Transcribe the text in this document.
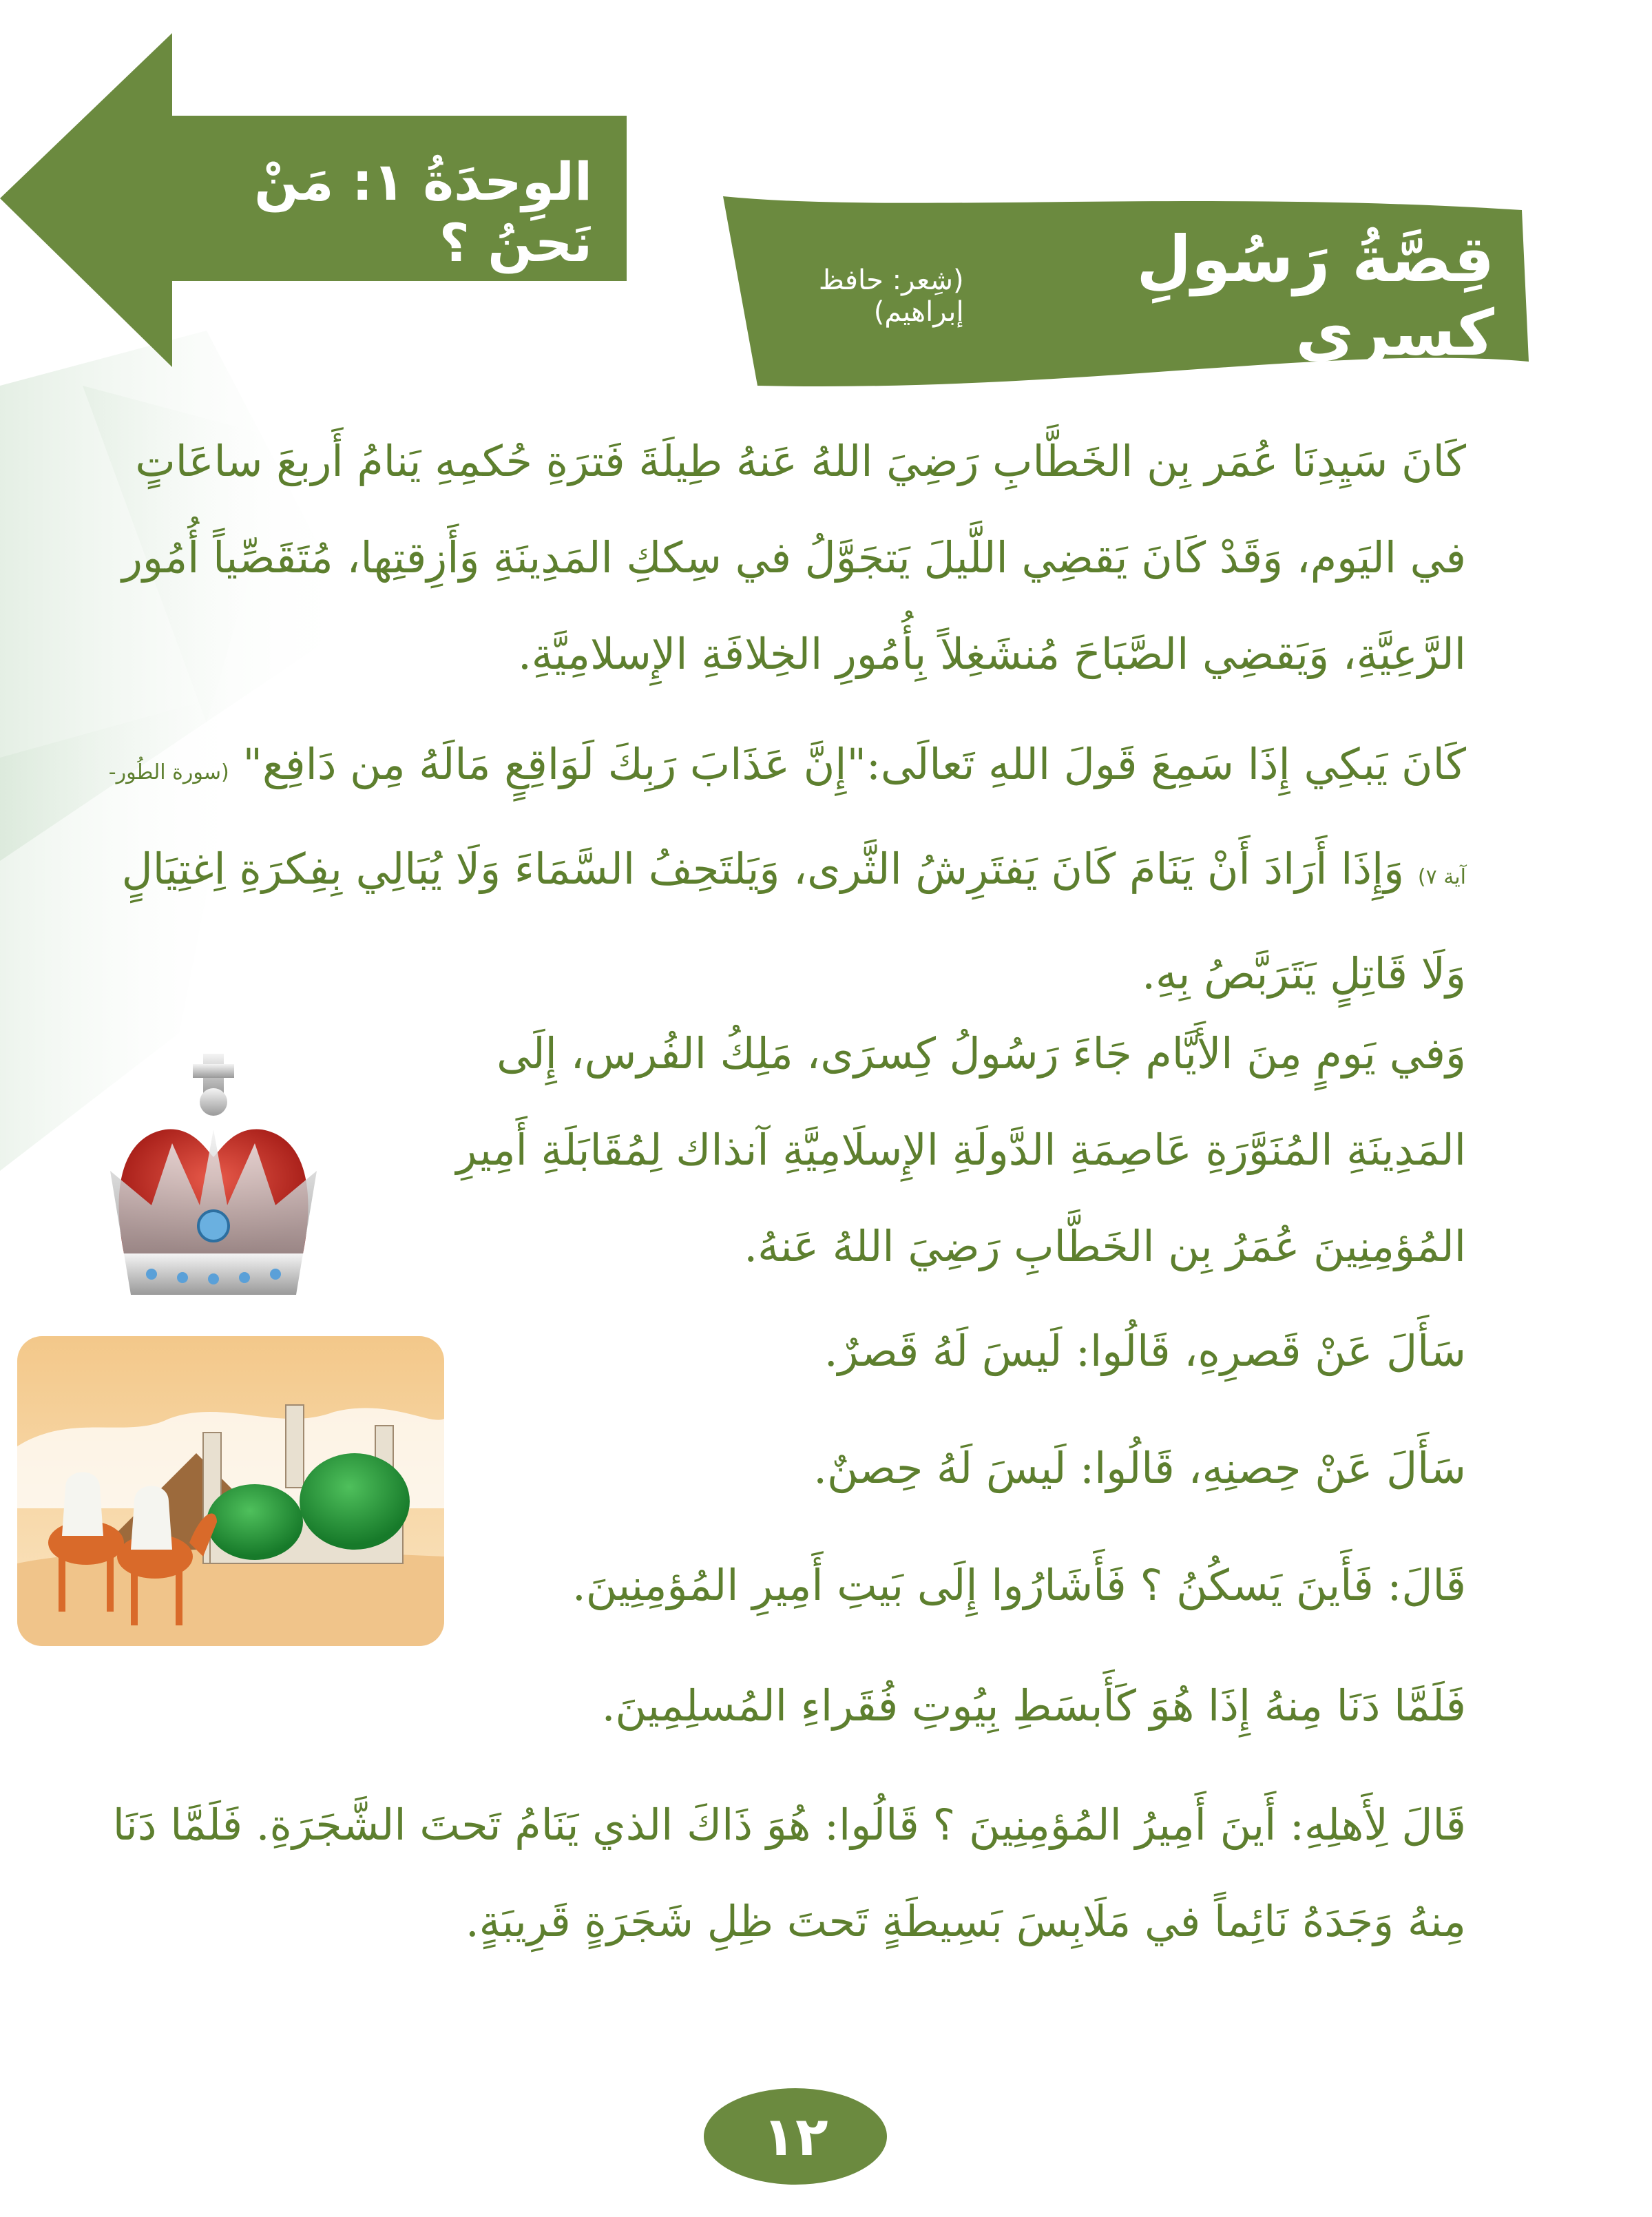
الوِحدَةُ ١: مَنْ نَحنُ ؟	قِصَّةُ رَسُولِ كِسرى
(شِعر: حافظ إبراهيم)
كَانَ سَيِدِنَا عُمَر بِن الخَطَّابِ رَضِيَ اللهُ عَنهُ طِيلَةَ فَترَةِ حُكمِهِ يَنامُ أَربعَ ساعَاتٍ في اليَوم، وَقَدْ كَانَ يَقضِي اللَّيلَ يَتجَوَّلُ في سِككِ المَدِينَةِ وَأَزِقتِها، مُتَقَصِّياً أُمُور الرَّعِيَّةِ، وَيَقضِي الصَّبَاحَ مُنشَغِلاً بِأُمُورِ الخِلافَةِ الإِسلامِيَّةِ.
كَانَ يَبكِي إِذَا سَمِعَ قَولَ اللهِ تَعالَى:"إِنَّ عَذَابَ رَبِكَ لَوَاقِعٍ مَالَهُ مِن دَافِع" (سورة الطُور- آية ٧) وَإِذَا أَرَادَ أَنْ يَنَامَ كَانَ يَفتَرِشُ الثَّرى، وَيَلتَحِفُ السَّمَاءَ وَلَا يُبَالِي بِفِكرَةِ اِغتِيَالٍ وَلَا قَاتِلٍ يَتَرَبَّصُ بِهِ.
وَفي يَومٍ مِنَ الأَيَّام جَاءَ رَسُولُ كِسرَى، مَلِكُ الفُرس، إِلَى المَدِينَةِ المُنَوَّرَةِ عَاصِمَةِ الدَّولَةِ الإِسلَامِيَّةِ آنذاك لِمُقَابَلَةِ أَمِيرِ المُؤمِنِينَ عُمَرُ بِن الخَطَّابِ رَضِيَ اللهُ عَنهُ.
سَأَلَ عَنْ قَصرِهِ، قَالُوا: لَيسَ لَهُ قَصرٌ.
سَأَلَ عَنْ حِصنِهِ، قَالُوا: لَيسَ لَهُ حِصنٌ.
قَالَ: فَأَينَ يَسكُنُ ؟ فَأَشَارُوا إِلَى بَيتِ أَمِيرِ المُؤمِنِينَ.
فَلَمَّا دَنَا مِنهُ إِذَا هُوَ كَأَبسَطِ بِيُوتِ فُقَراءِ المُسلِمِينَ.
قَالَ لِأَهلِهِ: أَينَ أَمِيرُ المُؤمِنِينَ ؟ قَالُوا: هُوَ ذَاكَ الذي يَنَامُ تَحتَ الشَّجَرَةِ. فَلَمَّا دَنَا مِنهُ وَجَدَهُ نَائِماً في مَلَابِسَ بَسِيطَةٍ تَحتَ ظِلِ شَجَرَةٍ قَرِيبَةٍ.
١٢
